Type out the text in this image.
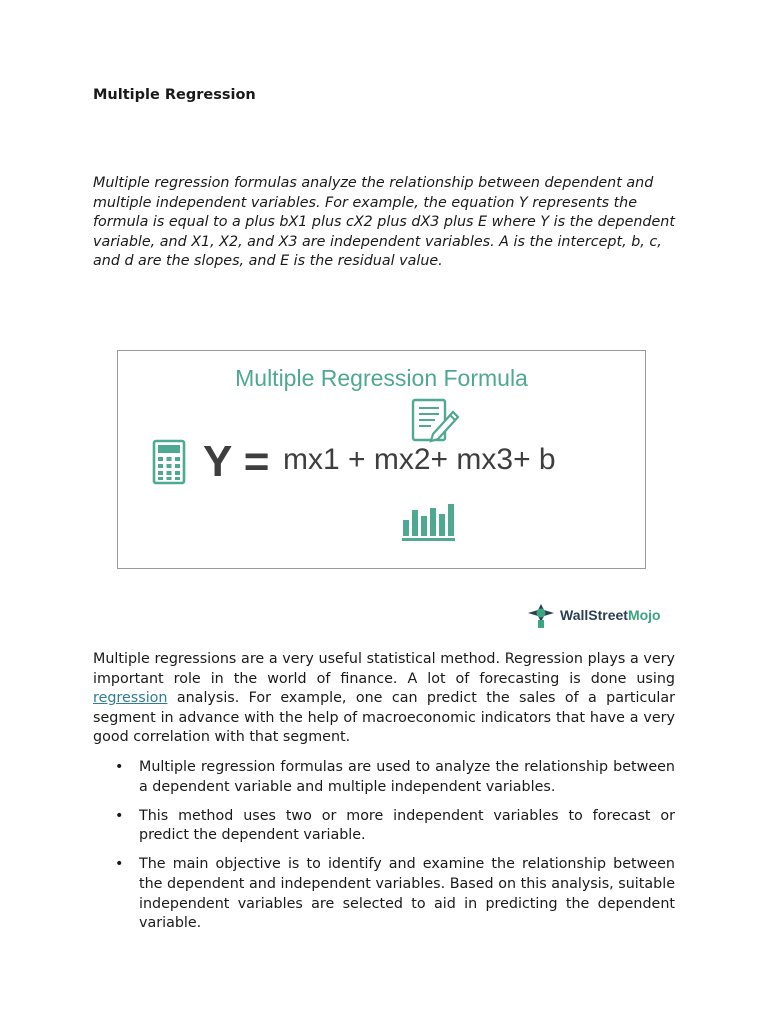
Multiple Regression

Multiple regression formulas analyze the relationship between dependent and multiple independent variables. For example, the equation Y represents the formula is equal to a plus bX1 plus cX2 plus dX3 plus E where Y is the dependent variable, and X1, X2, and X3 are independent variables. A is the intercept, b, c, and d are the slopes, and E is the residual value.

Multiple Regression Formula
Y = mx1 + mx2+ mx3+ b
WallStreetMojo

Multiple regressions are a very useful statistical method. Regression plays a very important role in the world of finance. A lot of forecasting is done using regression analysis. For example, one can predict the sales of a particular segment in advance with the help of macroeconomic indicators that have a very good correlation with that segment.

• Multiple regression formulas are used to analyze the relationship between a dependent variable and multiple independent variables.
• This method uses two or more independent variables to forecast or predict the dependent variable.
• The main objective is to identify and examine the relationship between the dependent and independent variables. Based on this analysis, suitable independent variables are selected to aid in predicting the dependent variable.
